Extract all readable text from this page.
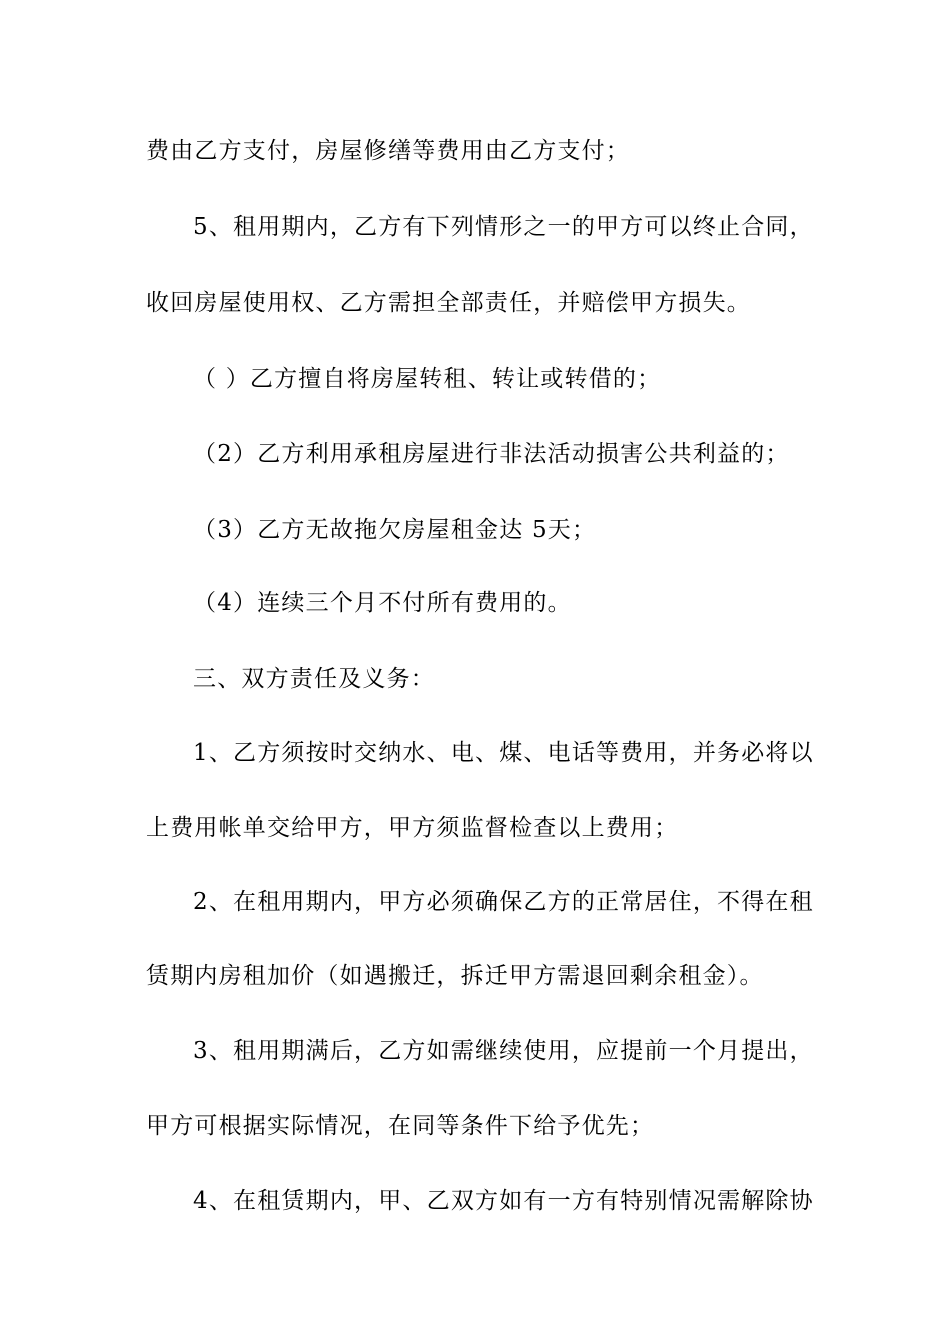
费由乙方支付，房屋修缮等费用由乙方支付；
5、租用期内，乙方有下列情形之一的甲方可以终止合同，
收回房屋使用权、乙方需担全部责任，并赔偿甲方损失。
（ ）乙方擅自将房屋转租、转让或转借的；
（2）乙方利用承租房屋进行非法活动损害公共利益的；
（3）乙方无故拖欠房屋租金达 5天；
（4）连续三个月不付所有费用的。
三、双方责任及义务：
1、乙方须按时交纳水、电、煤、电话等费用，并务必将以
上费用帐单交给甲方，甲方须监督检查以上费用；
2、在租用期内，甲方必须确保乙方的正常居住，不得在租
赁期内房租加价（如遇搬迁，拆迁甲方需退回剩余租金）。
3、租用期满后，乙方如需继续使用，应提前一个月提出，
甲方可根据实际情况，在同等条件下给予优先；
4、在租赁期内，甲、乙双方如有一方有特别情况需解除协
